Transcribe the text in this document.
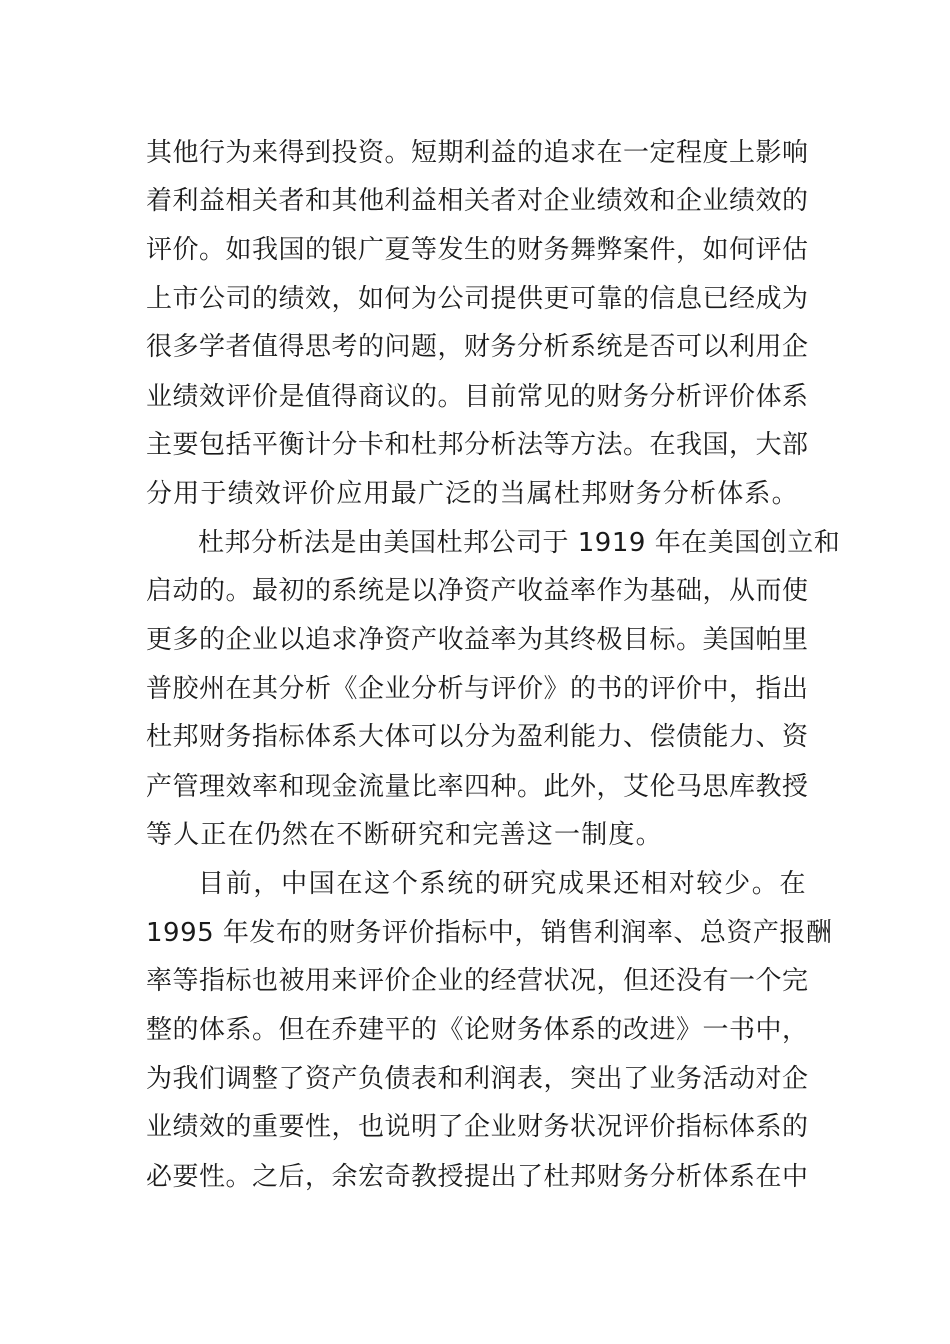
其他行为来得到投资。短期利益的追求在一定程度上影响
着利益相关者和其他利益相关者对企业绩效和企业绩效的
评价。如我国的银广夏等发生的财务舞弊案件，如何评估
上市公司的绩效，如何为公司提供更可靠的信息已经成为
很多学者值得思考的问题，财务分析系统是否可以利用企
业绩效评价是值得商议的。目前常见的财务分析评价体系
主要包括平衡计分卡和杜邦分析法等方法。在我国，大部
分用于绩效评价应用最广泛的当属杜邦财务分析体系。
杜邦分析法是由美国杜邦公司于 1919 年在美国创立和
启动的。最初的系统是以净资产收益率作为基础，从而使
更多的企业以追求净资产收益率为其终极目标。美国帕里
普胶州在其分析《企业分析与评价》的书的评价中，指出
杜邦财务指标体系大体可以分为盈利能力、偿债能力、资
产管理效率和现金流量比率四种。此外，艾伦马思库教授
等人正在仍然在不断研究和完善这一制度。
目前，中国在这个系统的研究成果还相对较少。在
1995 年发布的财务评价指标中，销售利润率、总资产报酬
率等指标也被用来评价企业的经营状况，但还没有一个完
整的体系。但在乔建平的《论财务体系的改进》一书中，
为我们调整了资产负债表和利润表，突出了业务活动对企
业绩效的重要性，也说明了企业财务状况评价指标体系的
必要性。之后，余宏奇教授提出了杜邦财务分析体系在中
